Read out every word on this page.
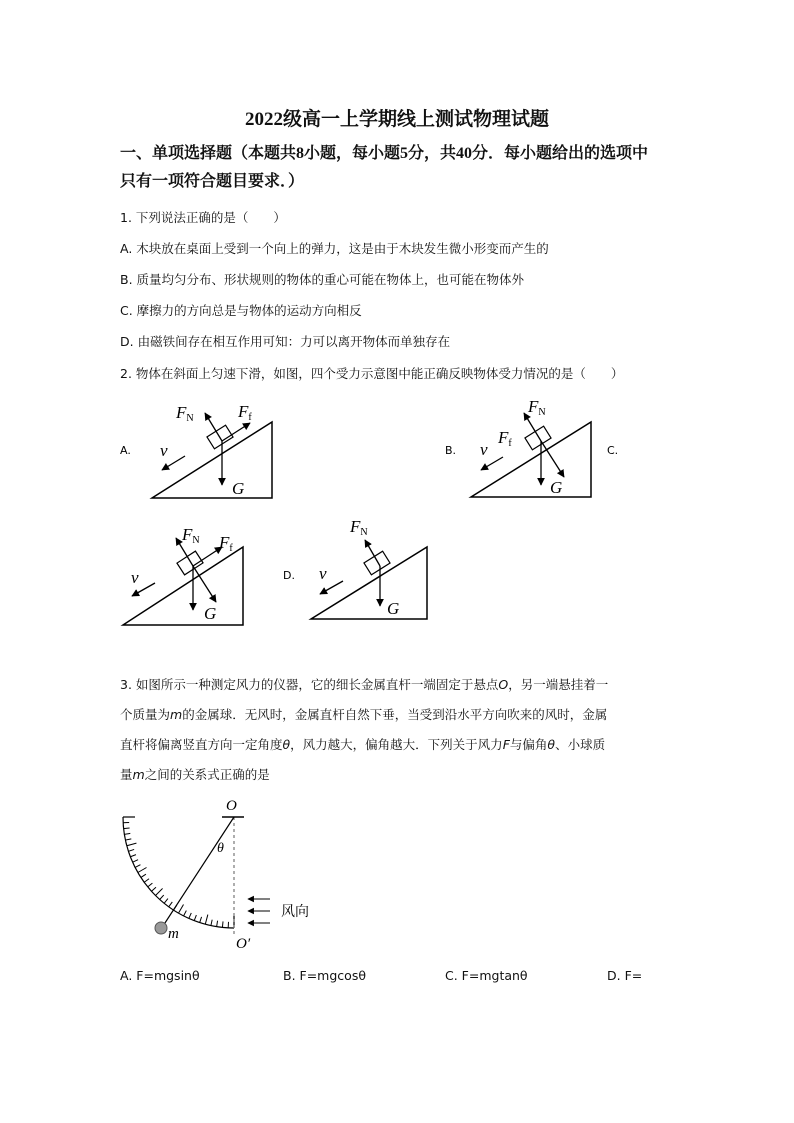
2022级高一上学期线上测试物理试题
一、单项选择题（本题共8小题，每小题5分，共40分．每小题给出的选项中
只有一项符合题目要求．）
1. 下列说法正确的是（　　）
A. 木块放在桌面上受到一个向上的弹力，这是由于木块发生微小形变而产生的
B. 质量均匀分布、形状规则的物体的重心可能在物体上，也可能在物体外
C. 摩擦力的方向总是与物体的运动方向相反
D. 由磁铁间存在相互作用可知：力可以离开物体而单独存在
2. 物体在斜面上匀速下滑，如图，四个受力示意图中能正确反映物体受力情况的是（　　）
A.
FN	Ff
G
v	B.
FN
Ff
G
v	C.
FN Ff
G
v	D.
FN
G
v
3. 如图所示一种测定风力的仪器，它的细长金属直杆一端固定于悬点O，另一端悬挂着一
个质量为m的金属球．无风时，金属直杆自然下垂，当受到沿水平方向吹来的风时，金属
直杆将偏离竖直方向一定角度θ，风力越大，偏角越大．下列关于风力F与偏角θ、小球质
量m之间的关系式正确的是
O
θ
m
O′
风向
A. F=mgsinθ	B. F=mgcosθ	C. F=mgtanθ	D. F=
